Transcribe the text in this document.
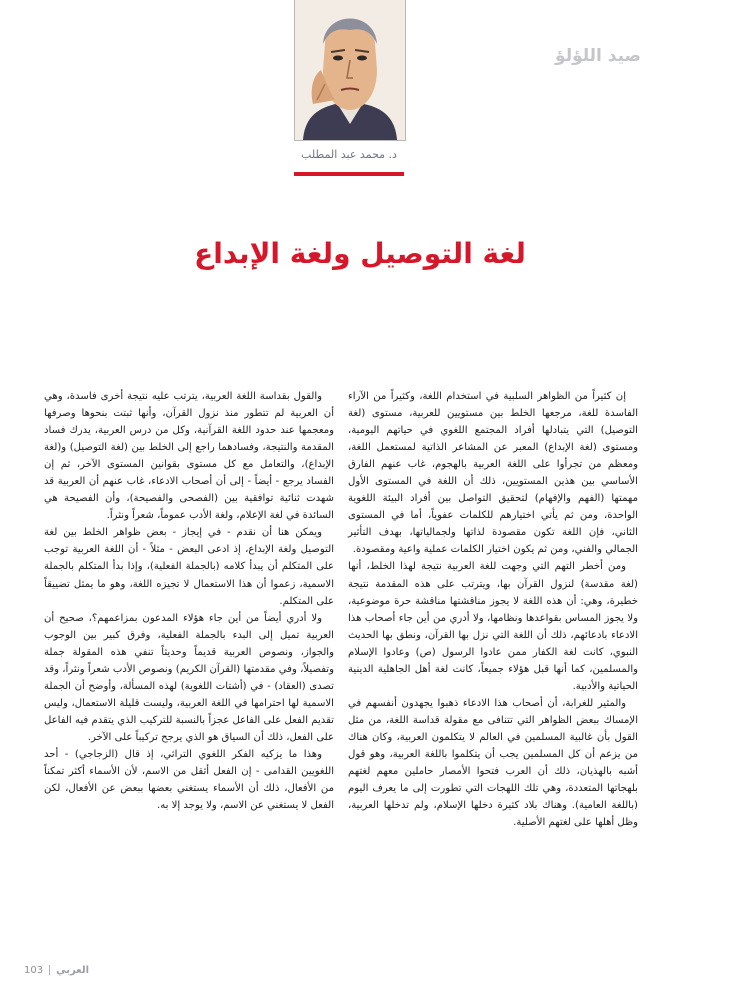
د. محمد عبد المطلب
صيد اللؤلؤ
لغة التوصيل ولغة الإبداع

إن كثيراً من الظواهر السلبية في استخدام اللغة، وكثيراً من الآراء الفاسدة للغة، مرجعها الخلط بين مستويين للعربية، مستوى (لغة التوصيل) التي يتبادلها أفراد المجتمع اللغوي في حياتهم اليومية، ومستوى (لغة الإبداع) المعبر عن المشاعر الذاتية لمستعمل اللغة، ومعظم من تجرأوا على اللغة العربية بالهجوم، غاب عنهم الفارق الأساسي بين هذين المستويين، ذلك أن اللغة في المستوى الأول مهمتها (الفهم والإفهام) لتحقيق التواصل بين أفراد البيئة اللغوية الواحدة، ومن ثم يأتي اختيارهم للكلمات عفوياً، أما في المستوى الثاني، فإن اللغة تكون مقصودة لذاتها ولجمالياتها، بهدف التأثير الجمالي والفني، ومن ثم يكون اختيار الكلمات عملية واعية ومقصودة.

ومن أخطر التهم التي وجهت للغة العربية نتيجة لهذا الخلط، أنها (لغة مقدسة) لنزول القرآن بها، ويترتب على هذه المقدمة نتيجة خطيرة، وهي: أن هذه اللغة لا يجوز مناقشتها مناقشة حرة موضوعية، ولا يجوز المساس بقواعدها ونظامها، ولا أدري من أين جاء أصحاب هذا الادعاء بادعائهم، ذلك أن اللغة التي نزل بها القرآن، ونطق بها الحديث النبوي، كانت لغة الكفار ممن عادوا الرسول (ص) وعادوا الإسلام والمسلمين، كما أنها قبل هؤلاء جميعاً، كانت لغة أهل الجاهلية الدينية الحياتية والأدبية.

والمثير للغرابة، أن أصحاب هذا الادعاء ذهبوا يجهدون أنفسهم في الإمساك ببعض الظواهر التي تتنافى مع مقولة قداسة اللغة، من مثل القول بأن غالبية المسلمين في العالم لا يتكلمون العربية، وكان هناك من يزعم أن كل المسلمين يجب أن يتكلموا باللغة العربية، وهو قول أشبه بالهذيان، ذلك أن العرب فتحوا الأمصار حاملين معهم لغتهم بلهجاتها المتعددة، وهي تلك اللهجات التي تطورت إلى ما يعرف اليوم (باللغة العامية). وهناك بلاد كثيرة دخلها الإسلام، ولم تدخلها العربية، وظل أهلها على لغتهم الأصلية.

والقول بقداسة اللغة العربية، يترتب عليه نتيجة أخرى فاسدة، وهي أن العربية لم تتطور منذ نزول القرآن، وأنها ثبتت بنحوها وصرفها ومعجمها عند حدود اللغة القرآنية، وكل من درس العربية، يدرك فساد المقدمة والنتيجة، وفسادهما راجع إلى الخلط بين (لغة التوصيل) و(لغة الإبداع)، والتعامل مع كل مستوى بقوانين المستوى الآخر، ثم إن الفساد يرجع - أيضاً - إلى أن أصحاب الادعاء، غاب عنهم أن العربية قد شهدت ثنائية توافقية بين (الفصحى والفصيحة)، وأن الفصيحة هي السائدة في لغة الإعلام، ولغة الأدب عموماً، شعراً ونثراً.

ويمكن هنا أن نقدم - في إيجاز - بعض ظواهر الخلط بين لغة التوصيل ولغة الإبداع، إذ ادعى البعض - مثلاً - أن اللغة العربية توجب على المتكلم أن يبدأ كلامه (بالجملة الفعلية)، وإذا بدأ المتكلم بالجملة الاسمية، زعموا أن هذا الاستعمال لا تجيزه اللغة، وهو ما يمثل تضييقاً على المتكلم.

ولا أدري أيضاً من أين جاء هؤلاء المدعون بمزاعمهم؟، صحيح أن العربية تميل إلى البدء بالجملة الفعلية، وفرق كبير بين الوجوب والجواز، ونصوص العربية قديماً وحديثاً تنفي هذه المقولة جملة وتفصيلاً، وفي مقدمتها (القرآن الكريم) ونصوص الأدب شعراً ونثراً، وقد تصدى (العقاد) - في (أشتات اللغوية) لهذه المسألة، وأوضح أن الجملة الاسمية لها احترامها في اللغة العربية، وليست قليلة الاستعمال، وليس تقديم الفعل على الفاعل عجزاً بالنسبة للتركيب الذي يتقدم فيه الفاعل على الفعل، ذلك أن السياق هو الذي يرجح تركيباً على الآخر.

وهذا ما يزكيه الفكر اللغوي التراثي، إذ قال (الزجاجي) - أحد اللغويين القدامى - إن الفعل أثقل من الاسم، لأن الأسماء أكثر تمكناً من الأفعال، ذلك أن الأسماء يستغني بعضها ببعض عن الأفعال، لكن الفعل لا يستغني عن الاسم، ولا يوجد إلا به.

103 العربي
